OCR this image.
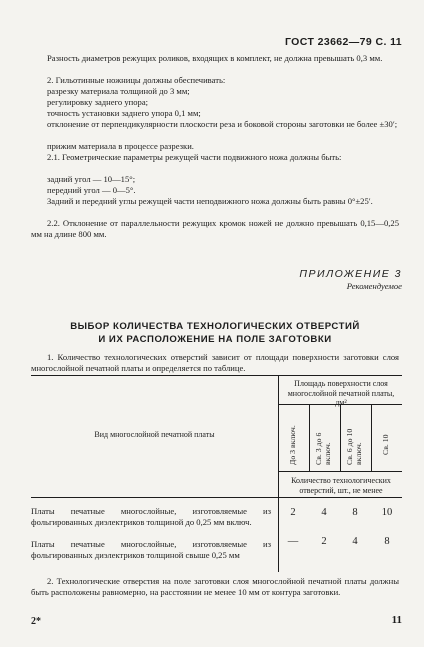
ГОСТ 23662—79 С. 11
Разность диаметров режущих роликов, входящих в комплект, не должна превышать 0,3 мм.
2. Гильотинные ножницы должны обеспечивать:
разрезку материала толщиной до 3 мм;
регулировку заднего упора;
точность установки заднего упора 0,1 мм;
отклонение от перпендикулярности плоскости реза и боковой стороны заготовки не более ±30′;
прижим материала в процессе разрезки.
2.1. Геометрические параметры режущей части подвижного ножа должны быть:
задний угол — 10—15°;
передний угол — 0—5°.
Задний и передний углы режущей части неподвижного ножа должны быть равны 0°±25′.
2.2. Отклонение от параллельности режущих кромок ножей не должно превышать 0,15—0,25 мм на длине 800 мм.
ПРИЛОЖЕНИЕ 3
Рекомендуемое
ВЫБОР КОЛИЧЕСТВА ТЕХНОЛОГИЧЕСКИХ ОТВЕРСТИЙ
И ИХ РАСПОЛОЖЕНИЕ НА ПОЛЕ ЗАГОТОВКИ
1. Количество технологических отверстий зависит от площади поверхности заготовки слоя многослойной печатной платы и определяется по таблице.
Вид многослойной печатной платы
Площадь поверхности слоя многослойной печатной платы, дм²
До 3 включ. Св. 3 до 6 включ. Св. 6 до 10 включ. Св. 10
Количество технологических отверстий, шт., не менее
Платы печатные многослойные, изготовляемые из фольгированных диэлектриков толщиной до 0,25 мм включ.
2	4	8	10
Платы печатные многослойные, изготовляемые из фольгированных диэлектриков толщиной свыше 0,25 мм
—	2	4	8
2. Технологические отверстия на поле заготовки слоя многослойной печатной платы должны быть расположены равномерно, на расстоянии не менее 10 мм от контура заготовки.
2*	11
